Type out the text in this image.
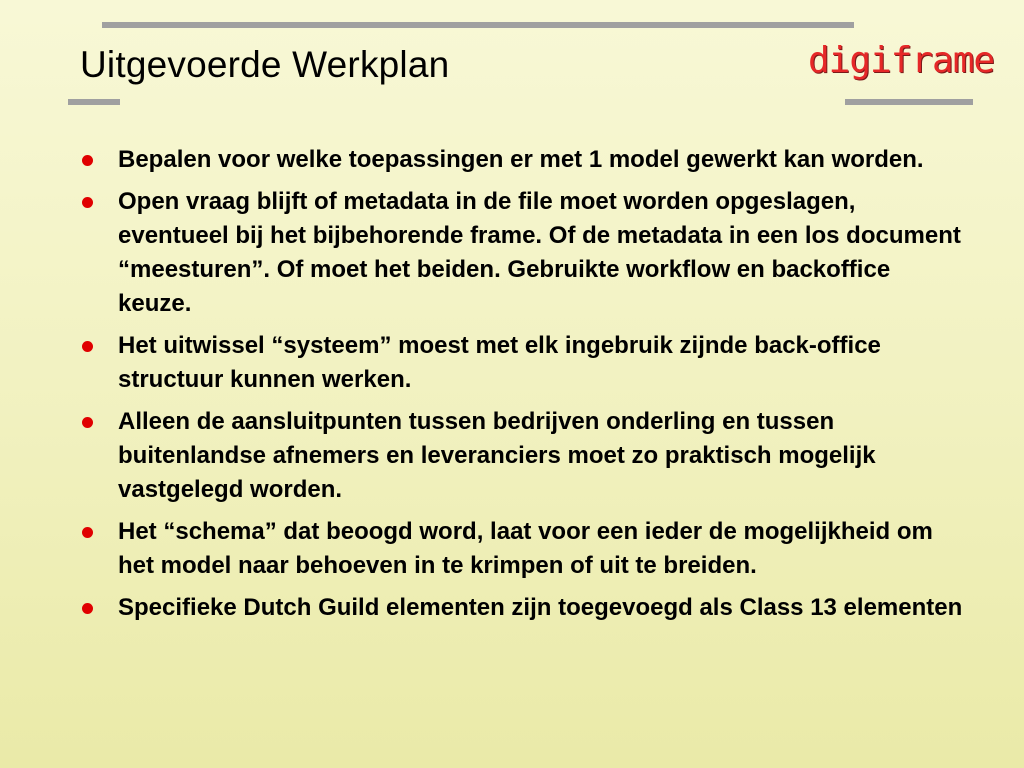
Uitgevoerde Werkplan	digiframe
Bepalen voor welke toepassingen er met 1 model gewerkt kan worden.
Open vraag blijft of metadata in de file moet worden opgeslagen, eventueel bij het bijbehorende frame. Of de metadata in een los document “meesturen”. Of moet het beiden. Gebruikte workflow en backoffice keuze.
Het uitwissel “systeem” moest met elk ingebruik zijnde back-office structuur kunnen werken.
Alleen de aansluitpunten tussen bedrijven onderling en tussen buitenlandse afnemers en leveranciers moet zo praktisch mogelijk vastgelegd worden.
Het “schema” dat beoogd word, laat voor een ieder de mogelijkheid om het model naar behoeven in te krimpen of uit te breiden.
Specifieke Dutch Guild elementen zijn toegevoegd als Class 13 elementen
